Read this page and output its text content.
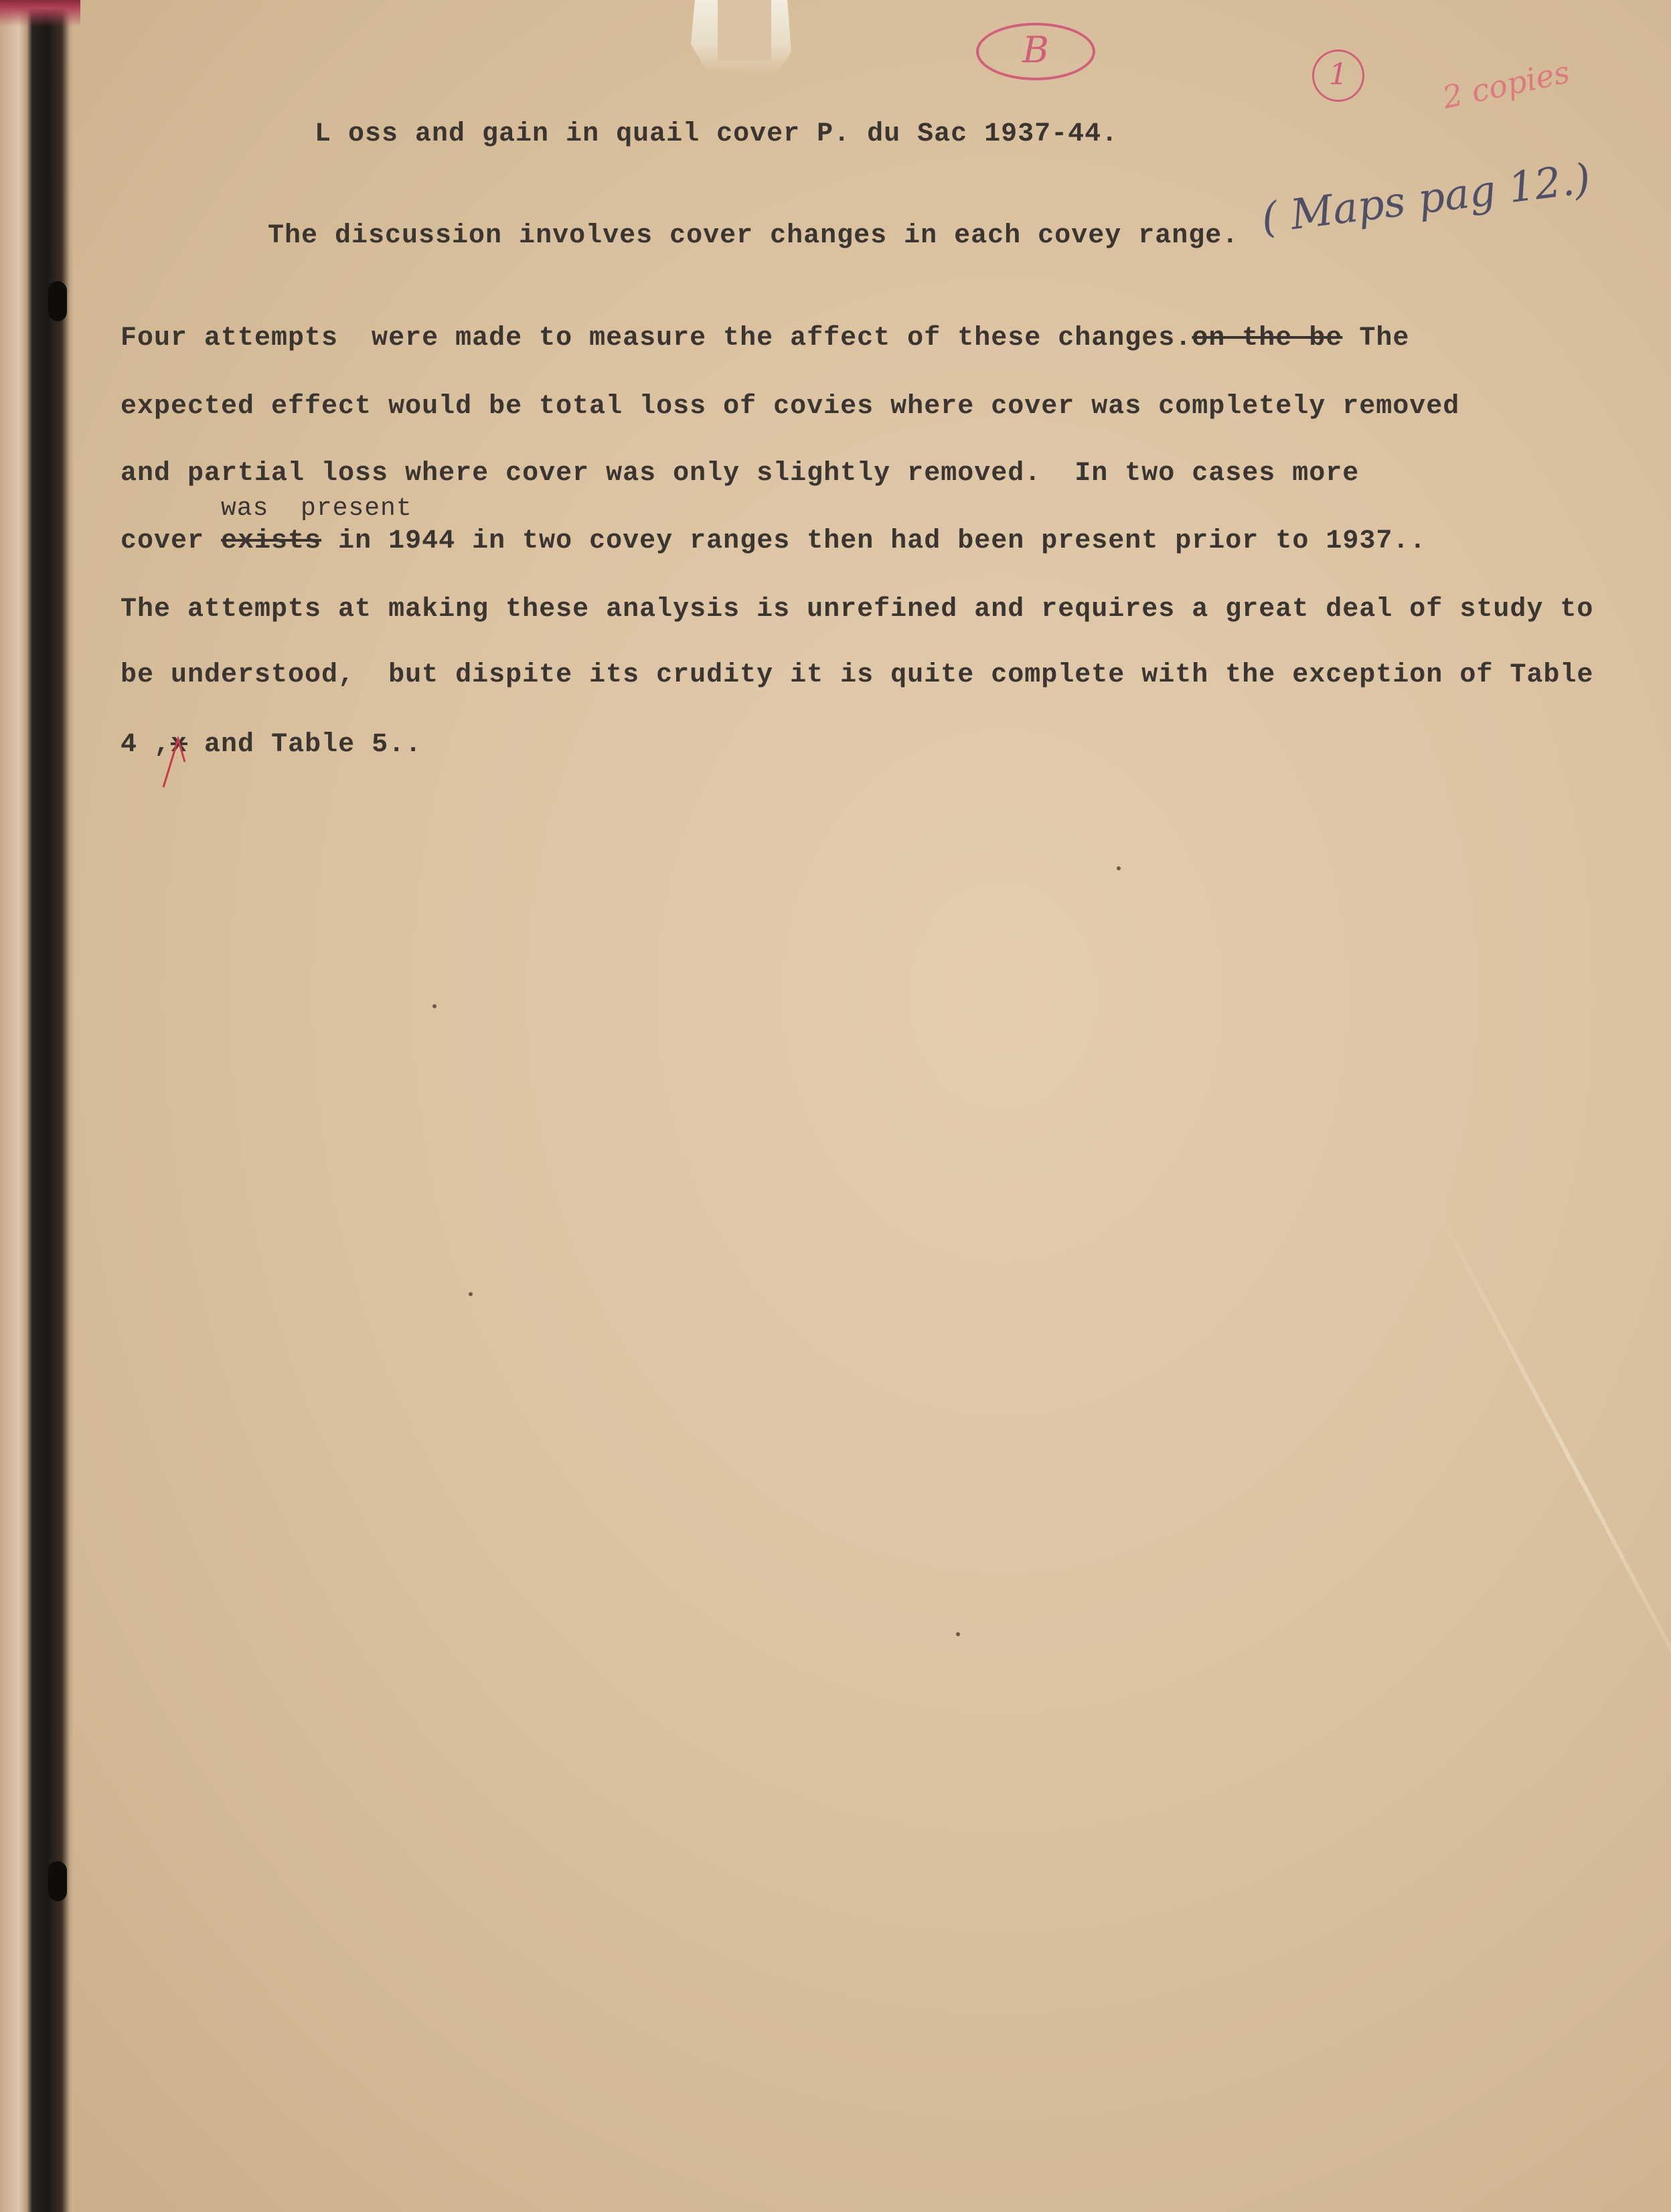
B
1	2 copies
L oss and gain in quail cover P. du Sac 1937-44.
The discussion involves cover changes in each covey range. ( Maps pag 12.)
Four attempts  were made to measure the affect of these changes.on the be The
expected effect would be total loss of covies where cover was completely removed
and partial loss where cover was only slightly removed.  In two cases more
was  present
cover exists in 1944 in two covey ranges then had been present prior to 1937..
The attempts at making these analysis is unrefined and requires a great deal of study to
be understood,  but dispite its crudity it is quite complete with the exception of Table
4 ,x and Table 5..
